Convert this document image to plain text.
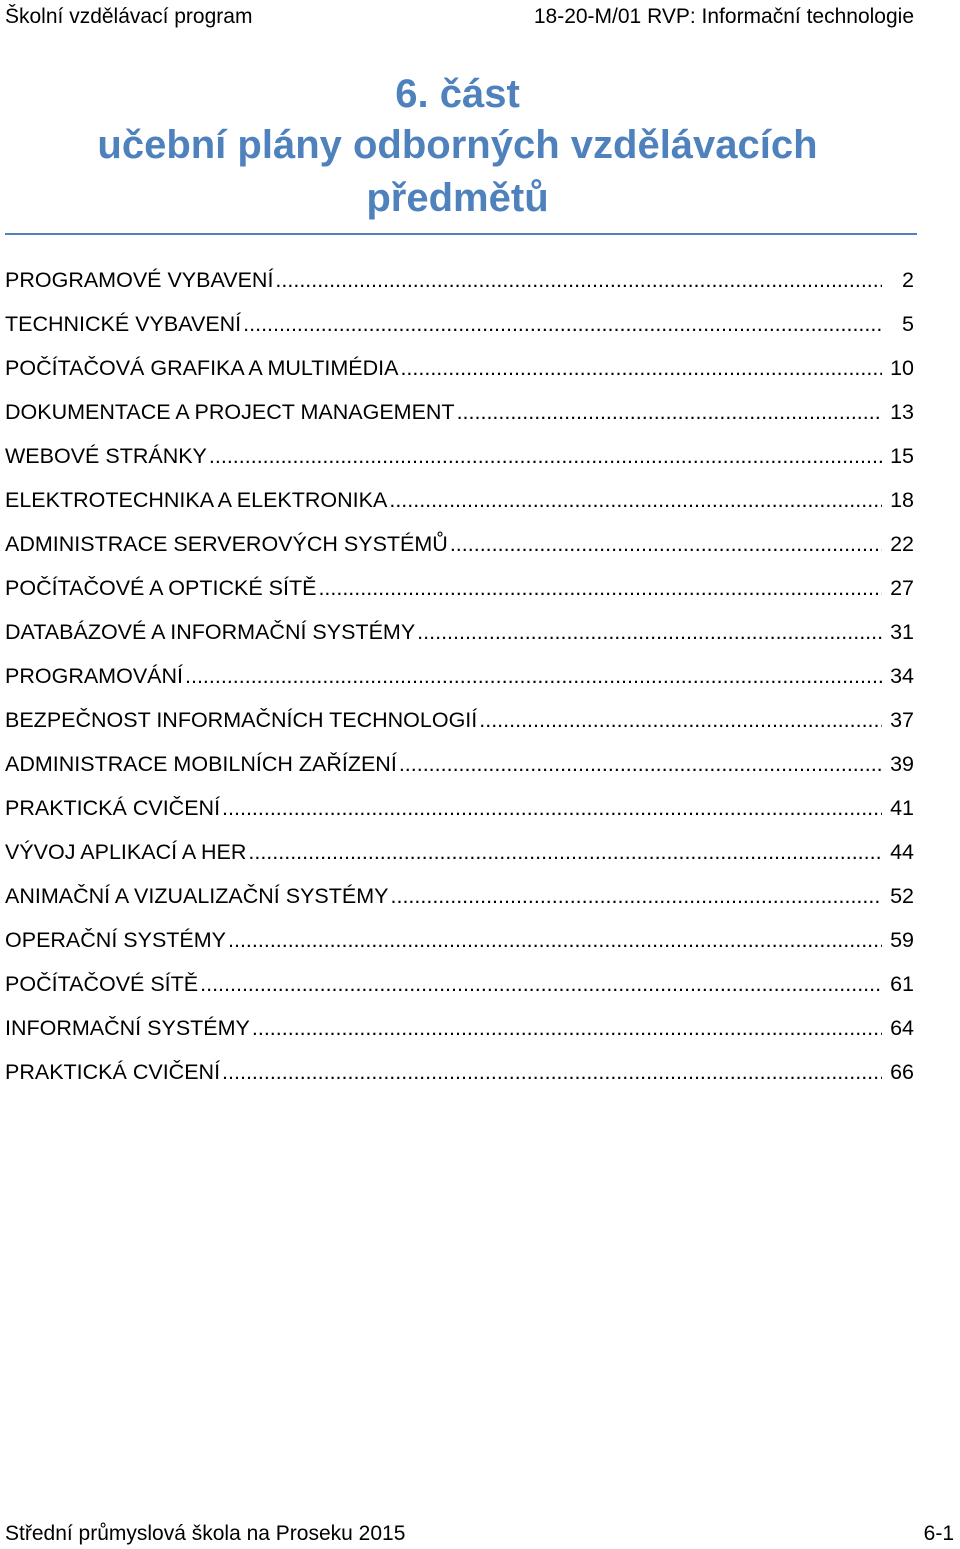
Školní vzdělávací program	18-20-M/01 RVP: Informační technologie
6. část
učební plány odborných vzdělávacích
předmětů
PROGRAMOVÉ VYBAVENÍ .....	2
TECHNICKÉ VYBAVENÍ .....	5
POČÍTAČOVÁ GRAFIKA A MULTIMÉDIA .....	10
DOKUMENTACE A PROJECT MANAGEMENT .....	13
WEBOVÉ STRÁNKY .....	15
ELEKTROTECHNIKA A ELEKTRONIKA .....	18
ADMINISTRACE SERVEROVÝCH SYSTÉMŮ .....	22
POČÍTAČOVÉ A OPTICKÉ SÍTĚ .....	27
DATABÁZOVÉ A INFORMAČNÍ SYSTÉMY .....	31
PROGRAMOVÁNÍ .....	34
BEZPEČNOST INFORMAČNÍCH TECHNOLOGIÍ .....	37
ADMINISTRACE MOBILNÍCH ZAŘÍZENÍ .....	39
PRAKTICKÁ CVIČENÍ .....	41
VÝVOJ APLIKACÍ A HER .....	44
ANIMAČNÍ A VIZUALIZAČNÍ SYSTÉMY .....	52
OPERAČNÍ SYSTÉMY .....	59
POČÍTAČOVÉ SÍTĚ .....	61
INFORMAČNÍ SYSTÉMY .....	64
PRAKTICKÁ CVIČENÍ .....	66
Střední průmyslová škola na Proseku 2015	6-1
